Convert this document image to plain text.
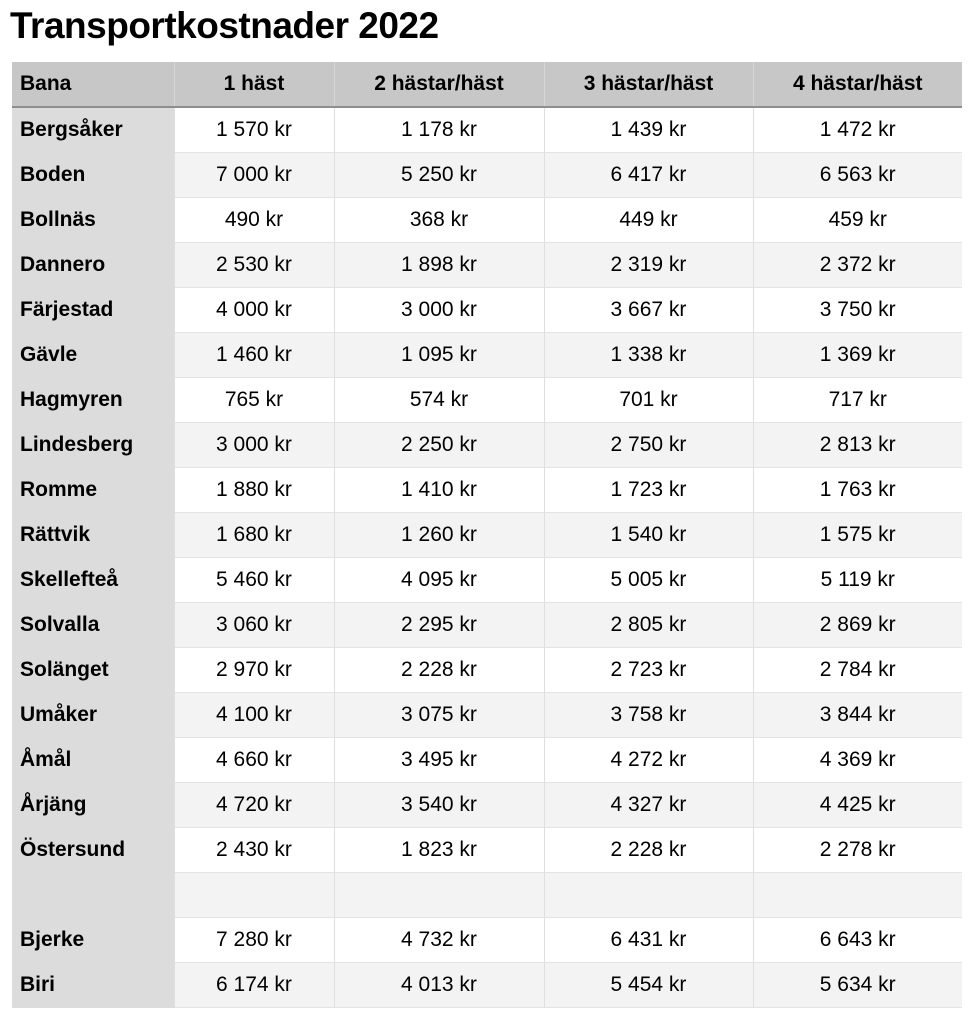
Transportkostnader 2022
Bana	1 häst	2 hästar/häst	3 hästar/häst	4 hästar/häst
Bergsåker	1 570 kr	1 178 kr	1 439 kr	1 472 kr
Boden	7 000 kr	5 250 kr	6 417 kr	6 563 kr
Bollnäs	490 kr	368 kr	449 kr	459 kr
Dannero	2 530 kr	1 898 kr	2 319 kr	2 372 kr
Färjestad	4 000 kr	3 000 kr	3 667 kr	3 750 kr
Gävle	1 460 kr	1 095 kr	1 338 kr	1 369 kr
Hagmyren	765 kr	574 kr	701 kr	717 kr
Lindesberg	3 000 kr	2 250 kr	2 750 kr	2 813 kr
Romme	1 880 kr	1 410 kr	1 723 kr	1 763 kr
Rättvik	1 680 kr	1 260 kr	1 540 kr	1 575 kr
Skellefteå	5 460 kr	4 095 kr	5 005 kr	5 119 kr
Solvalla	3 060 kr	2 295 kr	2 805 kr	2 869 kr
Solänget	2 970 kr	2 228 kr	2 723 kr	2 784 kr
Umåker	4 100 kr	3 075 kr	3 758 kr	3 844 kr
Åmål	4 660 kr	3 495 kr	4 272 kr	4 369 kr
Årjäng	4 720 kr	3 540 kr	4 327 kr	4 425 kr
Östersund	2 430 kr	1 823 kr	2 228 kr	2 278 kr

Bjerke	7 280 kr	4 732 kr	6 431 kr	6 643 kr
Biri	6 174 kr	4 013 kr	5 454 kr	5 634 kr
